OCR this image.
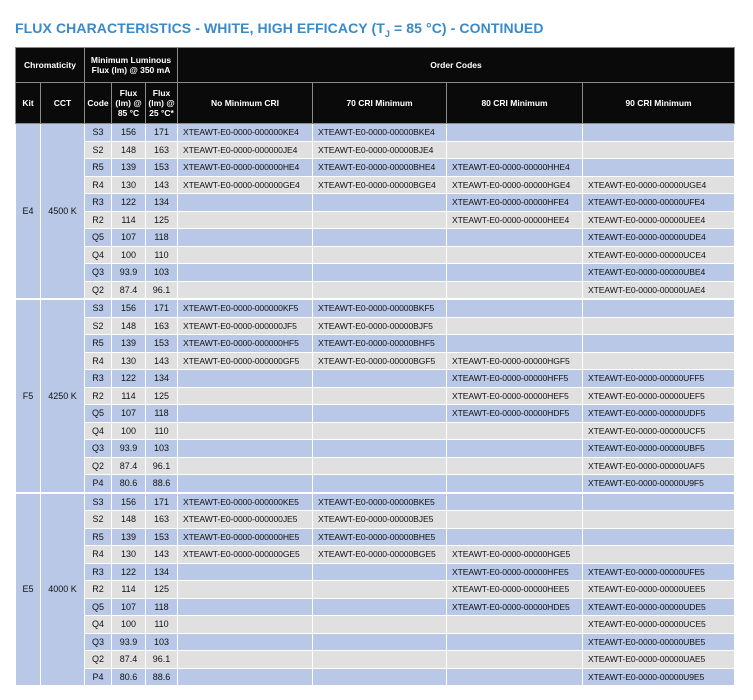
FLUX CHARACTERISTICS - WHITE, HIGH EFFICACY ($T_J = 85$ °C) - CONTINUED
Chromaticity		Minimum Luminous Flux (lm) @ 350 mA			Order Codes			
Kit	CCT	Code	Flux (lm) @ 85 °C	Flux (lm) @ 25 °C*	No Minimum CRI	70 CRI Minimum	80 CRI Minimum	90 CRI Minimum
E4	4500 K	S3	156	171	XTEAWT-E0-0000-000000KE4	XTEAWT-E0-0000-00000BKE4		
		S2	148	163	XTEAWT-E0-0000-000000JE4	XTEAWT-E0-0000-00000BJE4		
		R5	139	153	XTEAWT-E0-0000-000000HE4	XTEAWT-E0-0000-00000BHE4	XTEAWT-E0-0000-00000HHE4	
		R4	130	143	XTEAWT-E0-0000-000000GE4	XTEAWT-E0-0000-00000BGE4	XTEAWT-E0-0000-00000HGE4	XTEAWT-E0-0000-00000UGE4
		R3	122	134			XTEAWT-E0-0000-00000HFE4	XTEAWT-E0-0000-00000UFE4
		R2	114	125			XTEAWT-E0-0000-00000HEE4	XTEAWT-E0-0000-00000UEE4
		Q5	107	118				XTEAWT-E0-0000-00000UDE4
		Q4	100	110				XTEAWT-E0-0000-00000UCE4
		Q3	93.9	103				XTEAWT-E0-0000-00000UBE4
		Q2	87.4	96.1				XTEAWT-E0-0000-00000UAE4
F5	4250 K	S3	156	171	XTEAWT-E0-0000-000000KF5	XTEAWT-E0-0000-00000BKF5		
		S2	148	163	XTEAWT-E0-0000-000000JF5	XTEAWT-E0-0000-00000BJF5		
		R5	139	153	XTEAWT-E0-0000-000000HF5	XTEAWT-E0-0000-00000BHF5		
		R4	130	143	XTEAWT-E0-0000-000000GF5	XTEAWT-E0-0000-00000BGF5	XTEAWT-E0-0000-00000HGF5	
		R3	122	134			XTEAWT-E0-0000-00000HFF5	XTEAWT-E0-0000-00000UFF5
		R2	114	125			XTEAWT-E0-0000-00000HEF5	XTEAWT-E0-0000-00000UEF5
		Q5	107	118			XTEAWT-E0-0000-00000HDF5	XTEAWT-E0-0000-00000UDF5
		Q4	100	110				XTEAWT-E0-0000-00000UCF5
		Q3	93.9	103				XTEAWT-E0-0000-00000UBF5
		Q2	87.4	96.1				XTEAWT-E0-0000-00000UAF5
		P4	80.6	88.6				XTEAWT-E0-0000-00000U9F5
E5	4000 K	S3	156	171	XTEAWT-E0-0000-000000KE5	XTEAWT-E0-0000-00000BKE5		
		S2	148	163	XTEAWT-E0-0000-000000JE5	XTEAWT-E0-0000-00000BJE5		
		R5	139	153	XTEAWT-E0-0000-000000HE5	XTEAWT-E0-0000-00000BHE5		
		R4	130	143	XTEAWT-E0-0000-000000GE5	XTEAWT-E0-0000-00000BGE5	XTEAWT-E0-0000-00000HGE5	
		R3	122	134			XTEAWT-E0-0000-00000HFE5	XTEAWT-E0-0000-00000UFE5
		R2	114	125			XTEAWT-E0-0000-00000HEE5	XTEAWT-E0-0000-00000UEE5
		Q5	107	118			XTEAWT-E0-0000-00000HDE5	XTEAWT-E0-0000-00000UDE5
		Q4	100	110				XTEAWT-E0-0000-00000UCE5
		Q3	93.9	103				XTEAWT-E0-0000-00000UBE5
		Q2	87.4	96.1				XTEAWT-E0-0000-00000UAE5
		P4	80.6	88.6				XTEAWT-E0-0000-00000U9E5
